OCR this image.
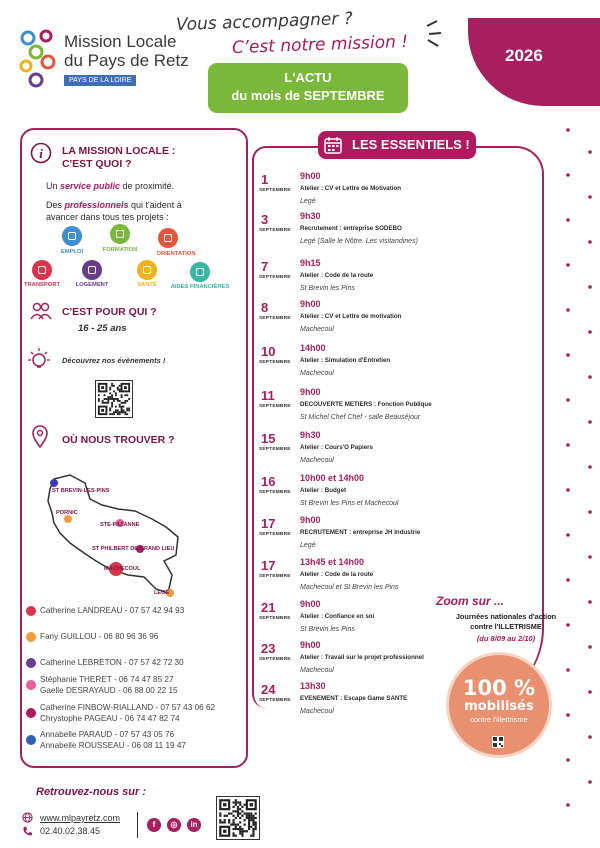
Mission Locale
du Pays de Retz
PAYS DE LA LOIRE
Vous accompagner ?
C’est notre mission !
L'ACTU
du mois de SEPTEMBRE
2026
i LA MISSION LOCALE :
C'EST QUOI ?
Un service public de proximité.
Des professionnels qui t'aident à
avancer dans tous tes projets :
EMPLOI	FORMATION
ORIENTATION
TRANSPORT	LOGEMENT	SANTÉ	AIDES FINANCIÈRES
C'EST POUR QUI ?
16 - 25 ans
Découvrez nos évènements !
OÙ NOUS TROUVER ?
ST BREVIN-LES-PINS
PORNIC
STE-PAZANNE
ST PHILBERT DE GRAND LIEU
MACHECOUL
LEGÉ
Catherine LANDREAU - 07 57 42 94 93
Fany GUILLOU - 06 80 96 36 96
Catherine LEBRETON - 07 57 42 72 30
Stéphanie THERET - 06 74 47 85 27
Gaelle DESRAYAUD - 06 88 00 22 15
Catherine FINBOW-RIALLAND - 07 57 43 06 62
Chrystophe PAGEAU - 06 74 47 82 74
Annabelle PARAUD - 07 57 43 05 76
Annabelle ROUSSEAU - 06 08 11 19 47
LES ESSENTIELS !
1
SEPTEMBRE
9h00
Atelier : CV et Lettre de Motivation
Legé
3
SEPTEMBRE
9h30
Recrutement : entreprise SODEBO
Legé (Salle le Nôtre. Les visitandines)
7
SEPTEMBRE
9h15
Atelier : Code de la route
St Brevin les Pins
8
SEPTEMBRE
9h00
Atelier : CV et Lettre de motivation
Machecoul
10
SEPTEMBRE
14h00
Atelier : Simulation d'Entretien
Machecoul
11
SEPTEMBRE
9h00
DECOUVERTE METIERS : Fonction Publique
St Michel Chef Chef - salle Beauséjour
15
SEPTEMBRE
9h30
Atelier : Cours'O Papiers
Machecoul
16
SEPTEMBRE
10h00 et 14h00
Atelier : Budget
St Brevin les Pins et Machecoul
17
SEPTEMBRE
9h00
RECRUTEMENT : entreprise JH Industrie
Legé
17
SEPTEMBRE
13h45 et 14h00
Atelier : Code de la route
Machecoul et St Brevin les Pins
21
SEPTEMBRE
9h00
Atelier : Confiance en soi
St Brevin les Pins
23
SEPTEMBRE
9h00
Atelier : Travail sur le projet professionnel
Machecoul
24
SEPTEMBRE
13h30
EVENEMENT : Escape Game SANTE
Machecoul
Zoom sur ...
Journées nationales d'action
contre l'ILLETRISME
(du 8/09 au 2/10)
100 %
mobilisés
contre l'illettrisme
Retrouvez-nous sur :
www.mlpayretz.com
02.40.02.38.45
f	◎	in
